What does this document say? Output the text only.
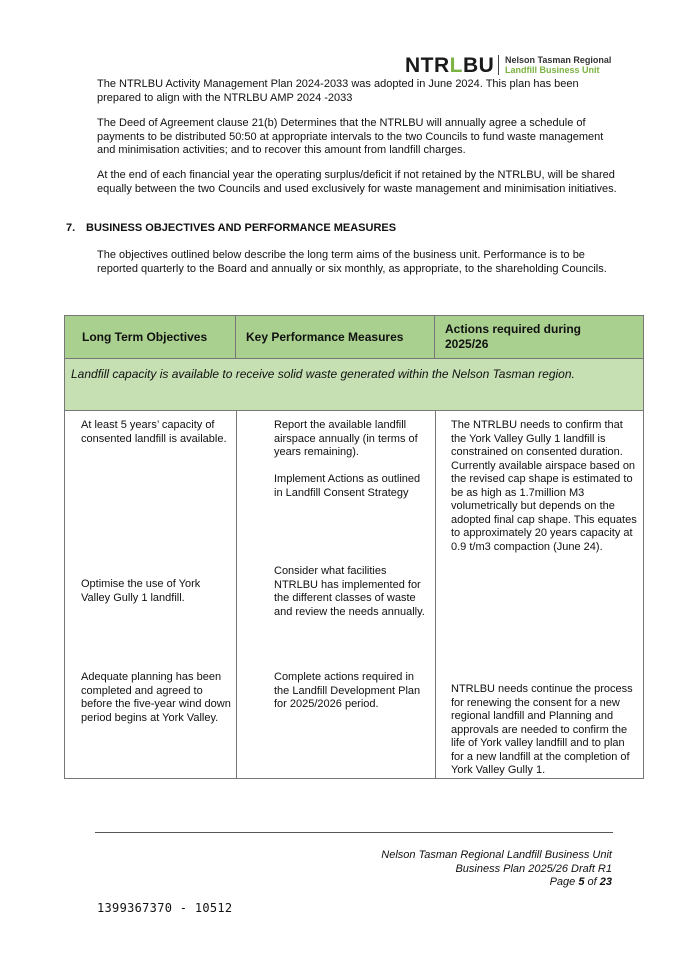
NTRLBU Nelson Tasman Regional
Landfill Business Unit
The NTRLBU Activity Management Plan 2024-2033 was adopted in June 2024. This plan has been prepared to align with the NTRLBU AMP 2024 -2033
The Deed of Agreement clause 21(b) Determines that the NTRLBU will annually agree a schedule of payments to be distributed 50:50 at appropriate intervals to the two Councils to fund waste management and minimisation activities; and to recover this amount from landfill charges.
At the end of each financial year the operating surplus/deficit if not retained by the NTRLBU, will be shared equally between the two Councils and used exclusively for waste management and minimisation initiatives.
7. BUSINESS OBJECTIVES AND PERFORMANCE MEASURES
The objectives outlined below describe the long term aims of the business unit. Performance is to be reported quarterly to the Board and annually or six monthly, as appropriate, to the shareholding Councils.
Long Term Objectives	Key Performance Measures
Actions required during 2025/26
Landfill capacity is available to receive solid waste generated within the Nelson Tasman region.
At least 5 years’ capacity of consented landfill is available.
Optimise the use of York Valley Gully 1 landfill.
Adequate planning has been completed and agreed to before the five-year wind down period begins at York Valley.
Report the available landfill airspace annually (in terms of years remaining).
Implement Actions as outlined in Landfill Consent Strategy
Consider what facilities NTRLBU has implemented for the different classes of waste and review the needs annually.
Complete actions required in the Landfill Development Plan for 2025/2026 period.
The NTRLBU needs to confirm that the York Valley Gully 1 landfill is constrained on consented duration. Currently available airspace based on the revised cap shape is estimated to be as high as 1.7million M3 volumetrically but depends on the adopted final cap shape. This equates to approximately 20 years capacity at 0.9 t/m3 compaction (June 24).
NTRLBU needs continue the process for renewing the consent for a new regional landfill and Planning and approvals are needed to confirm the life of York valley landfill and to plan for a new landfill at the completion of York Valley Gully 1.
Nelson Tasman Regional Landfill Business Unit
Business Plan 2025/26 Draft R1
Page 5 of 23
1399367370 - 10512
